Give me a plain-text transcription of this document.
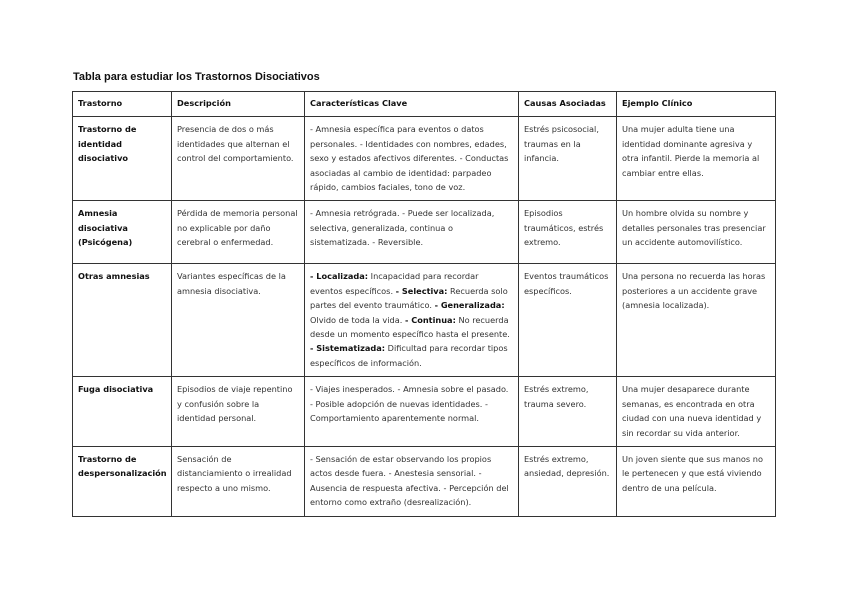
Tabla para estudiar los Trastornos Disociativos
Trastorno	Descripción	Características Clave	Causas Asociadas	Ejemplo Clínico
Trastorno de identidad disociativo	Presencia de dos o más identidades que alternan el control del comportamiento.	- Amnesia específica para eventos o datos personales. - Identidades con nombres, edades, sexo y estados afectivos diferentes. - Conductas asociadas al cambio de identidad: parpadeo rápido, cambios faciales, tono de voz.	Estrés psicosocial, traumas en la infancia.	Una mujer adulta tiene una identidad dominante agresiva y otra infantil. Pierde la memoria al cambiar entre ellas.
Amnesia disociativa (Psicógena)	Pérdida de memoria personal no explicable por daño cerebral o enfermedad.	- Amnesia retrógrada. - Puede ser localizada, selectiva, generalizada, continua o sistematizada. - Reversible.	Episodios traumáticos, estrés extremo.	Un hombre olvida su nombre y detalles personales tras presenciar un accidente automovilístico.
Otras amnesias	Variantes específicas de la amnesia disociativa.	- Localizada: Incapacidad para recordar eventos específicos. - Selectiva: Recuerda solo partes del evento traumático. - Generalizada: Olvido de toda la vida. - Continua: No recuerda desde un momento específico hasta el presente. - Sistematizada: Dificultad para recordar tipos específicos de información.	Eventos traumáticos específicos.	Una persona no recuerda las horas posteriores a un accidente grave (amnesia localizada).
Fuga disociativa	Episodios de viaje repentino y confusión sobre la identidad personal.	- Viajes inesperados. - Amnesia sobre el pasado. - Posible adopción de nuevas identidades. - Comportamiento aparentemente normal.	Estrés extremo, trauma severo.	Una mujer desaparece durante semanas, es encontrada en otra ciudad con una nueva identidad y sin recordar su vida anterior.
Trastorno de despersonalización	Sensación de distanciamiento o irrealidad respecto a uno mismo.	- Sensación de estar observando los propios actos desde fuera. - Anestesia sensorial. - Ausencia de respuesta afectiva. - Percepción del entorno como extraño (desrealización).	Estrés extremo, ansiedad, depresión.	Un joven siente que sus manos no le pertenecen y que está viviendo dentro de una película.
